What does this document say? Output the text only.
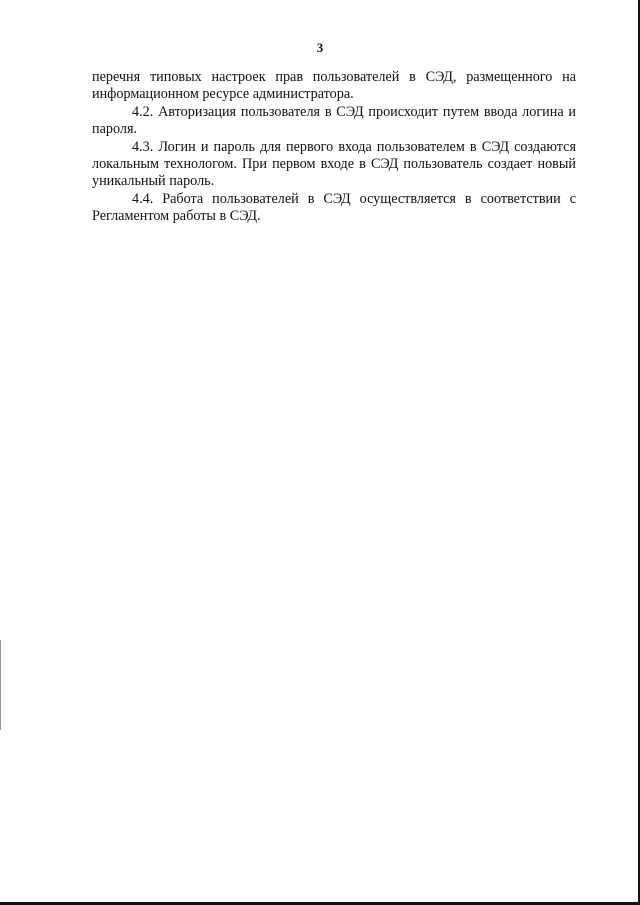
3

перечня типовых настроек прав пользователей в СЭД, размещенного на информационном ресурсе администратора.

4.2. Авторизация пользователя в СЭД происходит путем ввода логина и пароля.

4.3. Логин и пароль для первого входа пользователем в СЭД создаются локальным технологом. При первом входе в СЭД пользователь создает новый уникальный пароль.

4.4. Работа пользователей в СЭД осуществляется в соответствии с Регламентом работы в СЭД.
